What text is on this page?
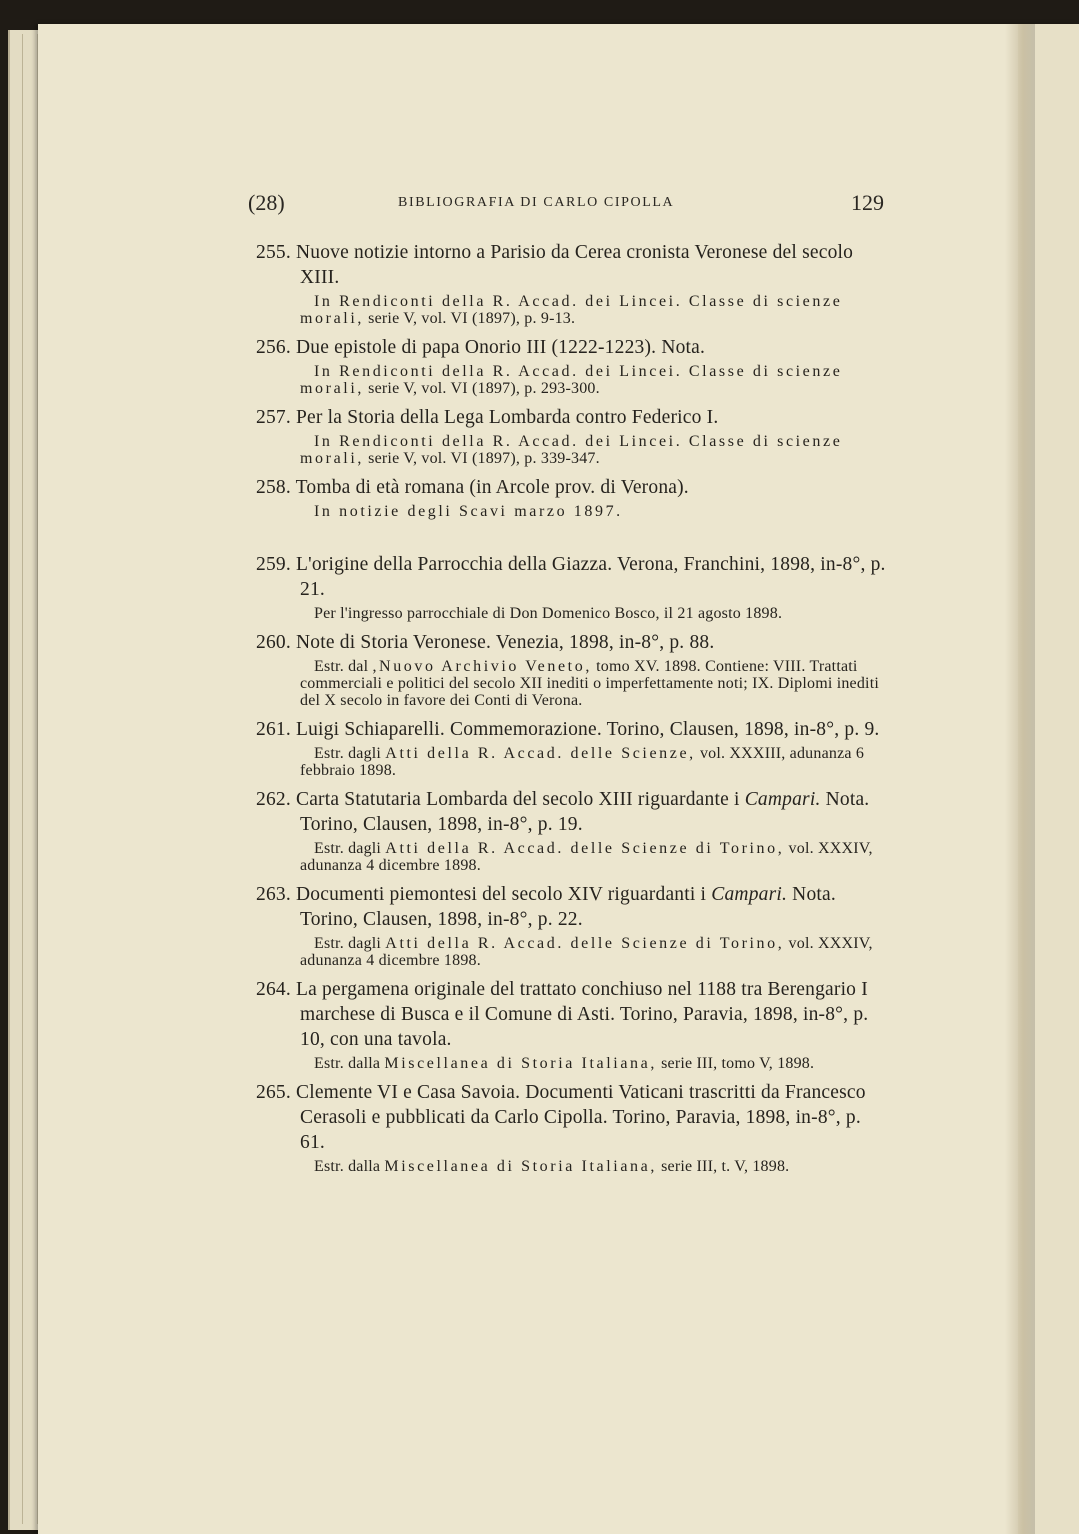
(28)	BIBLIOGRAFIA DI CARLO CIPOLLA	129
255. Nuove notizie intorno a Parisio da Cerea cronista Veronese del secolo XIII.
In Rendiconti della R. Accad. dei Lincei. Classe di scienze morali, serie V, vol. VI (1897), p. 9-13.
256. Due epistole di papa Onorio III (1222-1223). Nota.
In Rendiconti della R. Accad. dei Lincei. Classe di scienze morali, serie V, vol. VI (1897), p. 293-300.
257. Per la Storia della Lega Lombarda contro Federico I.
In Rendiconti della R. Accad. dei Lincei. Classe di scienze morali, serie V, vol. VI (1897), p. 339-347.
258. Tomba di età romana (in Arcole prov. di Verona).
In notizie degli Scavi marzo 1897.
259. L'origine della Parrocchia della Giazza. Verona, Franchini, 1898, in-8°, p. 21.
Per l'ingresso parrocchiale di Don Domenico Bosco, il 21 agosto 1898.
260. Note di Storia Veronese. Venezia, 1898, in-8°, p. 88.
Estr. dal ,Nuovo Archivio Veneto, tomo XV. 1898. Contiene: VIII. Trattati commerciali e politici del secolo XII inediti o imperfettamente noti; IX. Diplomi inediti del X secolo in favore dei Conti di Verona.
261. Luigi Schiaparelli. Commemorazione. Torino, Clausen, 1898, in-8°, p. 9.
Estr. dagli Atti della R. Accad. delle Scienze, vol. XXXIII, adunanza 6 febbraio 1898.
262. Carta Statutaria Lombarda del secolo XIII riguardante i Campari. Nota. Torino, Clausen, 1898, in-8°, p. 19.
Estr. dagli Atti della R. Accad. delle Scienze di Torino, vol. XXXIV, adunanza 4 dicembre 1898.
263. Documenti piemontesi del secolo XIV riguardanti i Campari. Nota. Torino, Clausen, 1898, in-8°, p. 22.
Estr. dagli Atti della R. Accad. delle Scienze di Torino, vol. XXXIV, adunanza 4 dicembre 1898.
264. La pergamena originale del trattato conchiuso nel 1188 tra Berengario I marchese di Busca e il Comune di Asti. Torino, Paravia, 1898, in-8°, p. 10, con una tavola.
Estr. dalla Miscellanea di Storia Italiana, serie III, tomo V, 1898.
265. Clemente VI e Casa Savoia. Documenti Vaticani trascritti da Francesco Cerasoli e pubblicati da Carlo Cipolla. Torino, Paravia, 1898, in-8°, p. 61.
Estr. dalla Miscellanea di Storia Italiana, serie III, t. V, 1898.
